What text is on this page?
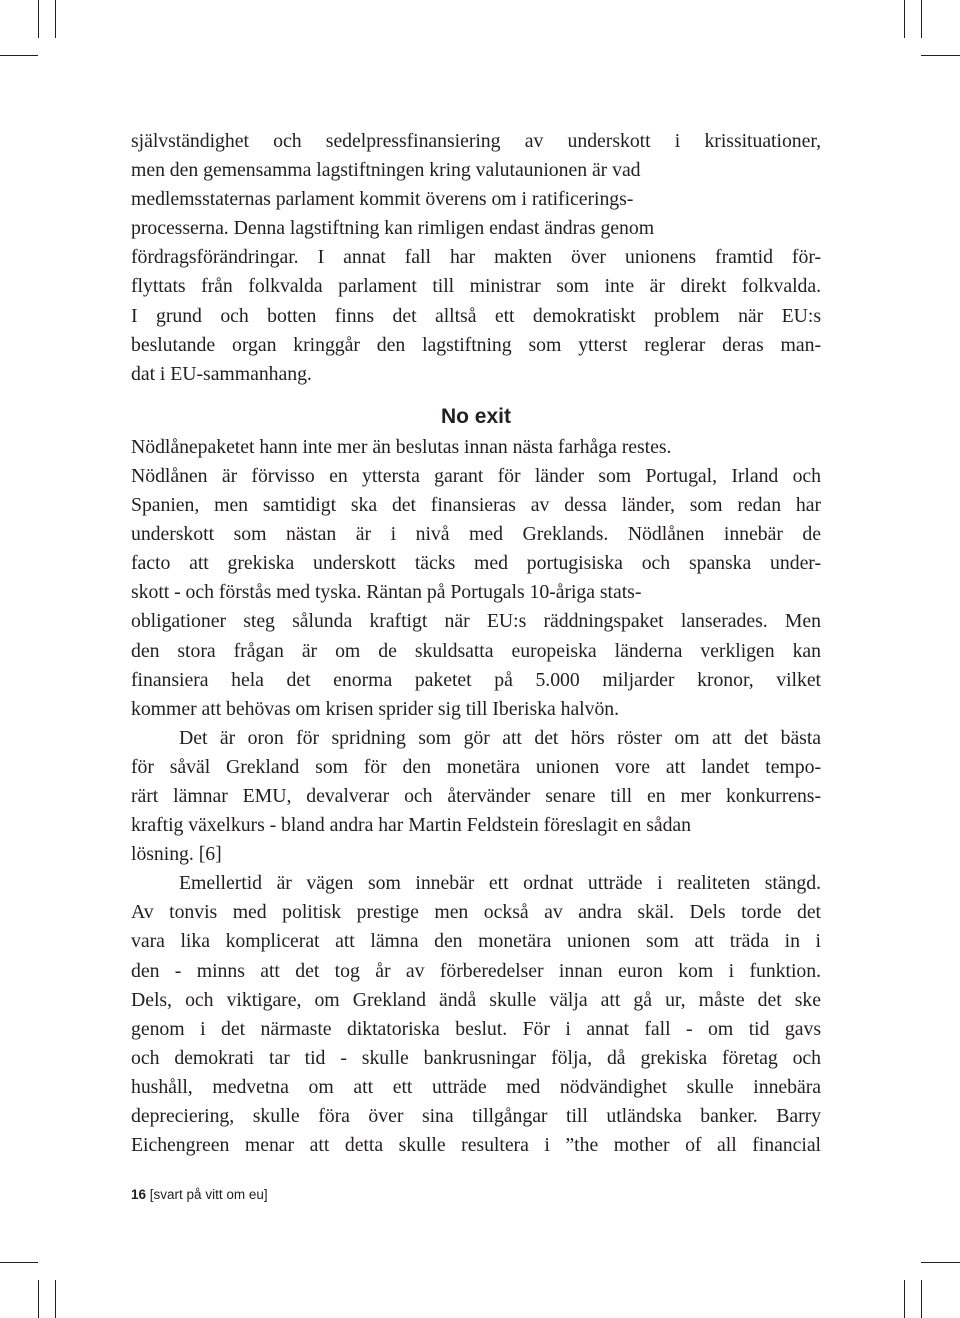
självständighet och sedelpressfinansiering av underskott i krissituationer,
men den gemensamma lagstiftningen kring valutaunionen är vad
medlemsstaternas parlament kommit överens om i ratificerings-
processerna. Denna lagstiftning kan rimligen endast ändras genom
fördragsförändringar. I annat fall har makten över unionens framtid för-
flyttats från folkvalda parlament till ministrar som inte är direkt folkvalda.
I grund och botten finns det alltså ett demokratiskt problem när EU:s
beslutande organ kringgår den lagstiftning som ytterst reglerar deras man-
dat i EU-sammanhang.
No exit
Nödlånepaketet hann inte mer än beslutas innan nästa farhåga restes.
Nödlånen är förvisso en yttersta garant för länder som Portugal, Irland och
Spanien, men samtidigt ska det finansieras av dessa länder, som redan har
underskott som nästan är i nivå med Greklands. Nödlånen innebär de
facto att grekiska underskott täcks med portugisiska och spanska under-
skott - och förstås med tyska. Räntan på Portugals 10-åriga stats-
obligationer steg sålunda kraftigt när EU:s räddningspaket lanserades. Men
den stora frågan är om de skuldsatta europeiska länderna verkligen kan
finansiera hela det enorma paketet på 5.000 miljarder kronor, vilket
kommer att behövas om krisen sprider sig till Iberiska halvön.
Det är oron för spridning som gör att det hörs röster om att det bästa
för såväl Grekland som för den monetära unionen vore att landet tempo-
rärt lämnar EMU, devalverar och återvänder senare till en mer konkurrens-
kraftig växelkurs - bland andra har Martin Feldstein föreslagit en sådan
lösning. [6]
Emellertid är vägen som innebär ett ordnat utträde i realiteten stängd.
Av tonvis med politisk prestige men också av andra skäl. Dels torde det
vara lika komplicerat att lämna den monetära unionen som att träda in i
den - minns att det tog år av förberedelser innan euron kom i funktion.
Dels, och viktigare, om Grekland ändå skulle välja att gå ur, måste det ske
genom i det närmaste diktatoriska beslut. För i annat fall - om tid gavs
och demokrati tar tid - skulle bankrusningar följa, då grekiska företag och
hushåll, medvetna om att ett utträde med nödvändighet skulle innebära
depreciering, skulle föra över sina tillgångar till utländska banker. Barry
Eichengreen menar att detta skulle resultera i ”the mother of all financial
16 [svart på vitt om eu]
